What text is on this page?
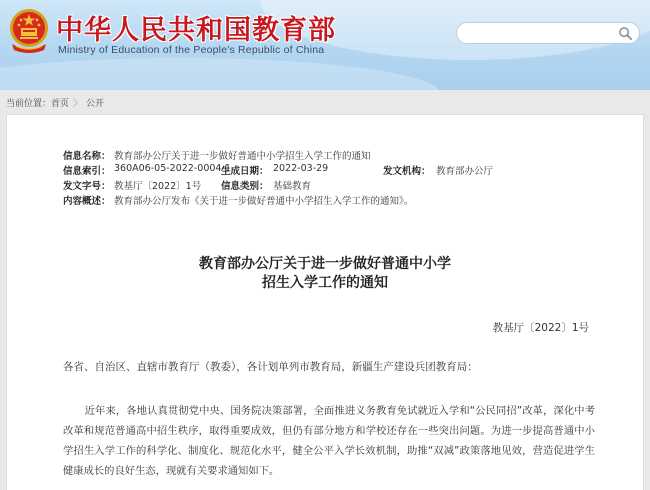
中华人民共和国教育部
Ministry of Education of the People's Republic of China
当前位置： 首页 〉 公开
信息名称： 教育部办公厅关于进一步做好普通中小学招生入学工作的通知
信息索引： 360A06-05-2022-0004-1
生成日期： 2022-03-29	发文机构： 教育部办公厅
发文字号： 教基厅〔2022〕1号 信息类别： 基础教育
内容概述： 教育部办公厅发布《关于进一步做好普通中小学招生入学工作的通知》。
教育部办公厅关于进一步做好普通中小学
招生入学工作的通知
教基厅〔2022〕1号
各省、自治区、直辖市教育厅（教委），各计划单列市教育局，新疆生产建设兵团教育局：
近年来，各地认真贯彻党中央、国务院决策部署，全面推进义务教育免试就近入学和“公民同招”改革，深化中考改革和规范普通高中招生秩序，取得重要成效，但仍有部分地方和学校还存在一些突出问题。为进一步提高普通中小学招生入学工作的科学化、制度化、规范化水平，健全公平入学长效机制，助推“双减”政策落地见效，营造促进学生健康成长的良好生态，现就有关要求通知如下。
